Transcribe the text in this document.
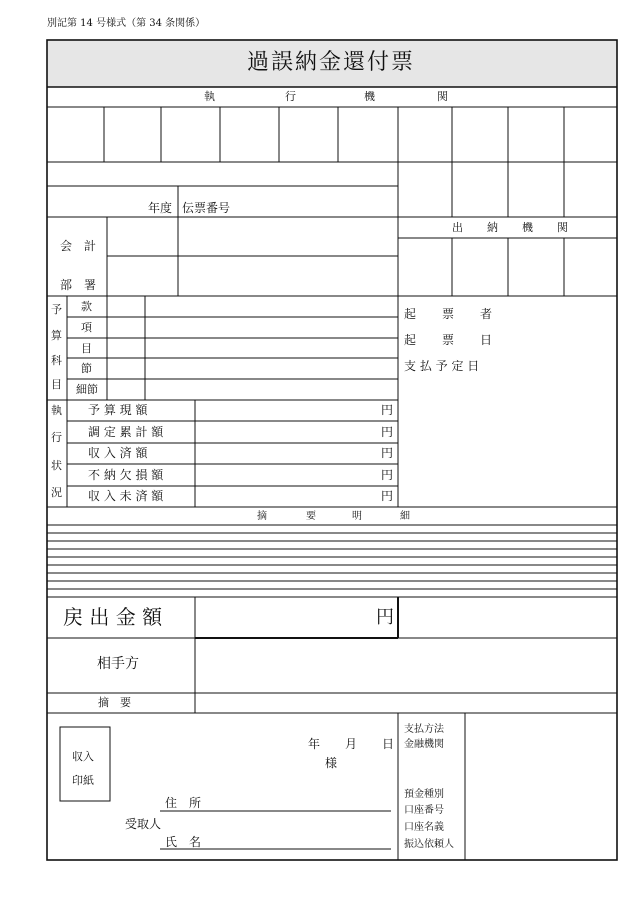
別記第 14 号様式（第 34 条関係）
過誤納金還付票
執	行	機	関
年度 伝票番号
会 計
部 署
出 納 機 関
予
算
科
目
款
項
目
節
細節
起 票 者
起 票 日
支 払 予 定 日
執
行
状
況
予 算 現 額	円
調 定 累 計 額	円
収 入 済 額	円
不 納 欠 損 額	円
収 入 未 済 額	円
摘	要	明	細
戻 出 金 額	円
相手方
摘　要
収入
印紙
年 月 日
様
住　所
受取人
氏　名
支払方法
金融機関
預金種別
口座番号
口座名義
振込依頼人
